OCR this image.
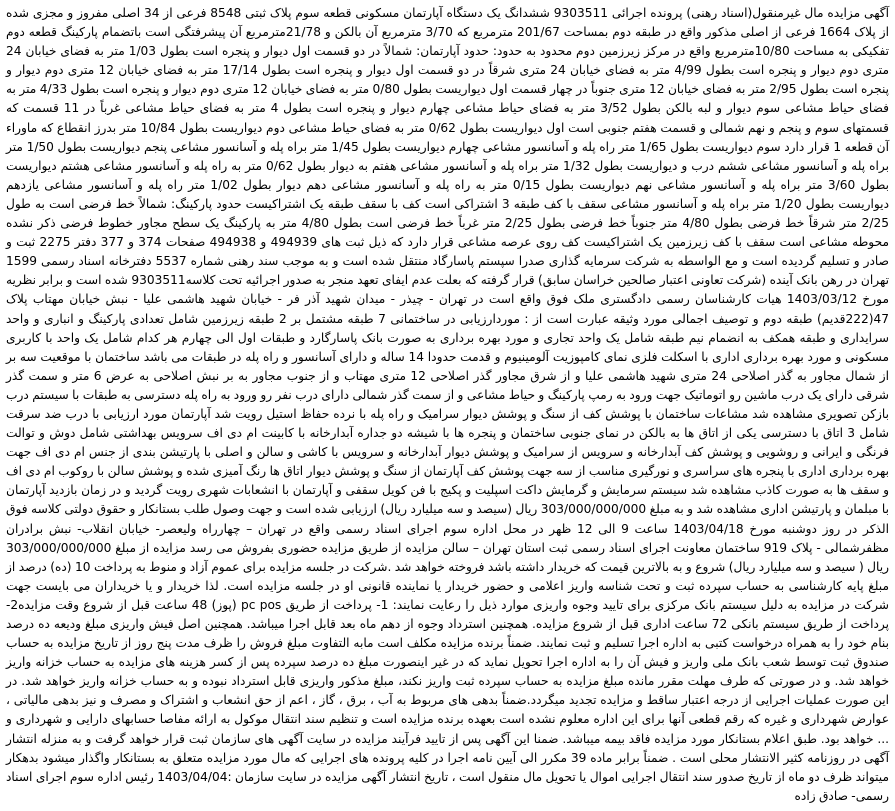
آگهی مزایده مال غیرمنقول(اسناد رهنی) پرونده اجرائی 9303511 ششدانگ یک دستگاه آپارتمان مسکونی قطعه سوم پلاک ثبتی 8548 فرعی از 34 اصلی مفروز و مجزی شده از پلاک 1664 فرعی از اصلی مذکور واقع در طبقه دوم بمساحت 201/67 مترمربع که 3/70 مترمربع آن بالکن و 21/78مترمربع آن پیشرفتگی است باتضمام پارکینگ قطعه دوم تفکیکی به مساحت 10/80مترمربع واقع در مرکز زیرزمین دوم محدود به حدود: حدود آپارتمان: شمالاً در دو قسمت اول دیوار و پنجره است بطول 1/03 متر به فضای خیابان 24 متری دوم دیوار و پنجره است بطول 4/99 متر به فضای خیابان 24 متری شرقاً در دو قسمت اول دیوار و پنجره است بطول 17/14 متر به فضای خیابان 12 متری دوم دیوار و پنجره است بطول 2/95 متر به فضای خیابان 12 متری جنوباً در چهار قسمت اول دیواریست بطول 0/80 متر به فضای خیابان 12 متری دوم دیوار و پنجره است بطول 4/33 متر به فضای حیاط مشاعی سوم دیوار و لبه بالکن بطول 3/52 متر به فضای حیاط مشاعی چهارم دیوار و پنجره است بطول 4 متر به فضای حیاط مشاعی غرباً در 11 قسمت که قسمتهای سوم و پنجم و نهم شمالی و قسمت هفتم جنوبی است اول دیواریست بطول 0/62 متر به فضای حیاط مشاعی دوم دیواریست بطول 10/84 متر بدرز انقطاع که ماوراء آن قطعه 1 قرار دارد سوم دیواریست بطول 1/65 متر راه پله و آسانسور مشاعی چهارم دیواریست بطول 1/45 متر براه پله و آسانسور مشاعی پنجم دیواریست بطول 1/50 متر براه پله و آسانسور مشاعی ششم درب و دیواریست بطول 1/32 متر براه پله و آسانسور مشاعی هفتم به دیوار بطول 0/62 متر به راه پله و آسانسور مشاعی هشتم دیواریست بطول 3/60 متر براه پله و آسانسور مشاعی نهم دیواریست بطول 0/15 متر به راه پله و آسانسور مشاعی دهم دیوار بطول 1/02 متر راه پله و آسانسور مشاعی یازدهم دیواریست بطول 1/20 متر براه پله و آسانسور مشاعی سقف با کف طبقه 3 اشتراکی است کف با سقف طبقه یک اشتراکیست حدود پارکینگ: شمالاً خط فرضی است به طول 2/25 متر شرقاً خط فرضی بطول 4/80 متر جنوباً خط فرضی بطول 2/25 متر غرباً خط فرضی است بطول 4/80 متر به پارکینگ یک سطح مجاور خطوط فرضی ذکر نشده محوطه مشاعی است سقف با کف زیرزمین یک اشتراکیست کف روی عرصه مشاعی قرار دارد که ذیل ثبت های 494939 و 494938 صفحات 374 و 377 دفتر 2275 ثبت و صادر و تسلیم گردیده است و مع الواسطه به شرکت سرمایه گذاری صدرا سپستم پاسارگاد منتقل شده است و به موجب سند رهنی شماره 5537 دفترخانه اسناد رسمی 1599 تهران در رهن بانک آینده (شرکت تعاونی اعتبار صالحین خراسان سابق) قرار گرفته که بعلت عدم ایفای تعهد منجر به صدور اجرائیه تحت کلاسه9303511 شده است و برابر نظریه مورخ 1403/03/12 هیات کارشناسان رسمی دادگستری ملک فوق واقع است در تهران - چیذر - میدان شهید آذر فر - خیابان شهید هاشمی علیا - نبش خیابان مهتاب پلاک 47(222قدیم) طبقه دوم و توصیف اجمالی مورد وثیقه عبارت است از : موردارزیابی در ساختمانی 7 طبقه مشتمل بر 2 طبقه زیرزمین شامل تعدادی پارکینگ و انباری و واحد سرایداری و طبقه همکف به انضمام نیم طبقه شامل یک واحد تجاری و مورد بهره برداری به صورت بانک پاسارگارد و طبقات اول الی چهارم هر کدام شامل یک واحد با کاربری مسکونی و مورد بهره برداری اداری با اسکلت فلزی نمای کامپوزیت آلومینیوم و قدمت حدودا 14 ساله و دارای آسانسور و راه پله در طبقات می باشد ساختمان با موقعیت سه بر از شمال مجاور به گذر اصلاحی 24 متری شهید هاشمی علیا و از شرق مجاور گذر اصلاحی 12 متری مهتاب و از جنوب مجاور به بر نبش اصلاحی به عرض 6 متر و سمت گذر شرقی دارای یک درب ماشین رو اتوماتیک جهت ورود به رمپ پارکینگ و حیاط مشاعی و از سمت گذر شمالی دارای درب نفر رو ورود به راه پله دسترسی به طبقات با سیستم درب بازکن تصویری مشاهده شد مشاعات ساختمان با پوشش کف از سنگ و پوشش دیوار سرامیک و راه پله با نرده حفاظ استیل رویت شد آپارتمان مورد ارزیابی با درب ضد سرقت شامل 3 اتاق با دسترسی یکی از اتاق ها به بالکن در نمای جنوبی ساختمان و پنجره ها با شیشه دو جداره آبدارخانه با کابینت ام دی اف سرویس بهداشتی شامل دوش و توالت فرنگی و ایرانی و روشویی و پوشش کف آبدارخانه و سرویس از سرامیک و پوشش دیوار آبدارخانه و سرویس با کاشی و سالن و اصلی با پارتیشن بندی از جنس ام دی اف جهت بهره برداری اداری با پنجره های سراسری و نورگیری مناسب از سه جهت پوشش کف آپارتمان از سنگ و پوشش دیوار اتاق ها رنگ آمیزی شده و پوشش سالن با روکوب ام دی اف و سقف ها به صورت کاذب مشاهده شد سیستم سرمایش و گرمایش داکت اسپلیت و پکیج با فن کویل سقفی و آپارتمان با انشعابات شهری رویت گردید و در زمان بازدید آپارتمان با مبلمان و پارتیشن اداری مشاهده شد و به مبلغ 303/000/000/000 ریال (سیصد و سه میلیارد ریال) ارزیابی شده است و جهت وصول طلب بستانکار و حقوق دولتی کلاسه فوق الذکر در روز دوشنبه مورخ 1403/04/18 ساعت 9 الی 12 ظهر در محل اداره سوم اجرای اسناد رسمی واقع در تهران – چهارراه ولیعصر- خیابان انقلاب- نبش برادران مظفرشمالی - پلاک 919 ساختمان معاونت اجرای اسناد رسمی ثبت استان تهران – سالن مزایده از طریق مزایده حضوری بفروش می رسد مزایده از مبلغ 303/000/000/000 ریال ( سیصد و سه میلیارد ریال) شروع و به بالاترین قیمت که خریدار داشته باشد فروخته خواهد شد .شرکت در جلسه مزایده برای عموم آزاد و منوط به پرداخت 10 (ده) درصد از مبلغ پایه کارشناسی به حساب سپرده ثبت و تحت شناسه واریز اعلامی و حضور خریدار یا نماینده قانونی او در جلسه مزایده است. لذا خریدار و یا خریداران می بایست جهت شرکت در مزایده به دلیل سیستم بانک مرکزی برای تایید وجوه واریزی موارد ذیل را رعایت نمایند: 1- پرداخت از طریق pc pos (پوز) 48 ساعت قبل از شروع وقت مزایده2- پرداخت از طریق سیستم بانکی 72 ساعت اداری قبل از شروع مزایده. همچنین استرداد وجوه از دهم ماه بعد قابل اجرا میباشد. همچنین اصل فیش واریزی مبلغ ودیعه ده درصد بنام خود را به همراه درخواست کتبی به اداره اجرا تسلیم و ثبت نمایند. ضمناً برنده مزایده مکلف است مابه التفاوت مبلغ فروش را ظرف مدت پنج روز از تاریخ مزایده به حساب صندوق ثبت توسط شعب بانک ملی واریز و فیش آن را به اداره اجرا تحویل نماید که در غیر اینصورت مبلغ ده درصد سپرده پس از کسر هزینه های مزایده به حساب خزانه واریز خواهد شد. و در صورتی که طرف مهلت مقرر مانده مبلغ مزایده به حساب سپرده ثبت واریز نکند، مبلغ مذکور واریزی قابل استرداد نبوده و به حساب خزانه واریز خواهد شد. در این صورت عملیات اجرایی از درجه اعتبار ساقط و مزایده تجدید میگردد.ضمناً بدهی های مربوط به آب ، برق ، گاز ، اعم از حق انشعاب و اشتراک و مصرف و نیز بدهی مالیاتی ، عوارض شهرداری و غیره که رقم قطعی آنها برای این اداره معلوم نشده است بعهده برنده مزایده است و تنظیم سند انتقال موکول به ارائه مفاصا حسابهای دارایی و شهرداری و ... خواهد بود. طبق اعلام بستانکار مورد مزایده فاقد بیمه میباشد. ضمنا این آگهی پس از تایید فرآیند مزایده در سایت آگهی های سازمان ثبت قرار خواهد گرفت و به منزله انتشار آگهی در روزنامه کثیر الانتشار محلی است . ضمناً برابر ماده 39 مکرر الی آیین نامه اجرا در کلیه پرونده های اجرایی که مال مورد مزایده متعلق به بستانکار واگذار میشود بدهکار میتواند ظرف دو ماه از تاریخ صدور سند انتقال اجرایی اموال یا تحویل مال منقول است ، تاریخ انتشار آگهی مزایده در سایت سازمان :1403/04/04 رئیس اداره سوم اجرای اسناد رسمی- صادق زاده
